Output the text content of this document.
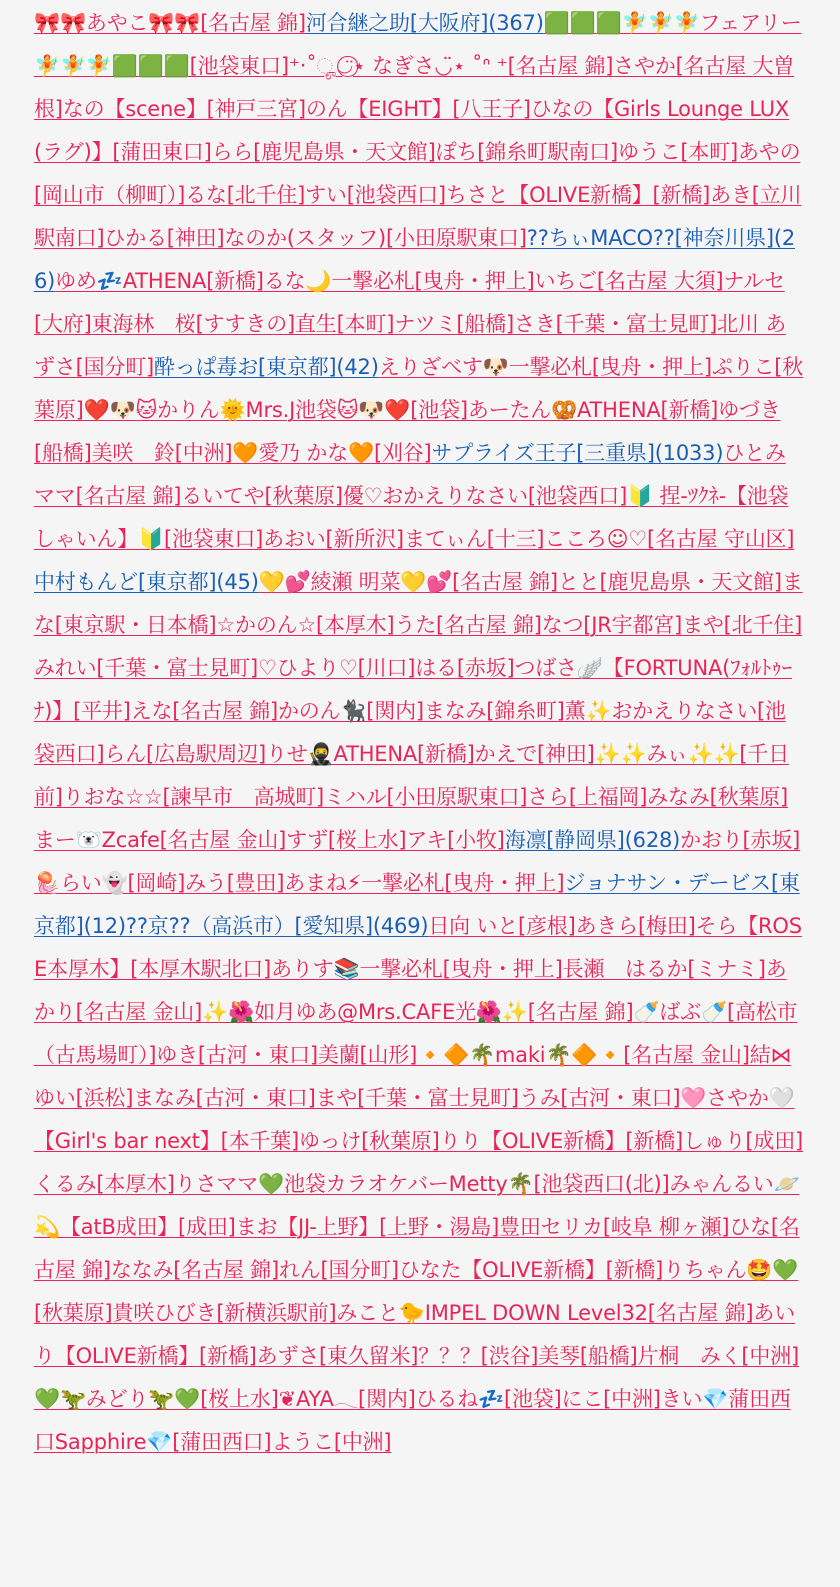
🎀🎀あやこ🎀🎀[名古屋 錦]河合継之助[大阪府](367)🟩🟩🟩🧚🧚🧚フェアリー🧚🧚🧚🟩🟩🟩[池袋東口]⁺‧˚ೄ◡̈⃝⋆ なぎさ◡̈⋆ ˚ᐢ ⁺[名古屋 錦]さやか[名古屋 大曽根]なの【scene】[神戸三宮]のん【EIGHT】[八王子]ひなの【Girls Lounge LUX(ラグ)】[蒲田東口]らら[鹿児島県・天文館]ぽち[錦糸町駅南口]ゆうこ[本町]あやの[岡山市（柳町）]るな[北千住]すい[池袋西口]ちさと【OLIVE新橋】[新橋]あき[立川駅南口]ひかる[神田]なのか(スタッフ)[小田原駅東口]??ちぃMACO??[神奈川県](26)ゆめ💤ATHENA[新橋]るな🌙一撃必札[曳舟・押上]いちご[名古屋 大須]ナルセ[大府]東海林　桜[すすきの]直生[本町]ナツミ[船橋]さき[千葉・富士見町]北川 あずさ[国分町]酔っぱ毒お[東京都](42)えりざべす🐶一撃必札[曳舟・押上]ぷりこ[秋葉原]❤️🐶🐱かりん🌞Mrs.J池袋🐱🐶❤️[池袋]あーたん🥨ATHENA[新橋]ゆづき[船橋]美咲　鈴[中洲]🧡愛乃 かな🧡[刈谷]サプライズ王子[三重県](1033)ひとみママ[名古屋 錦]るいてや[秋葉原]優♡おかえりなさい[池袋西口]🔰 捏-ﾂｸﾈ-【池袋しゃいん】🔰[池袋東口]あおい[新所沢]まてぃん[十三]こころ☺︎♡[名古屋 守山区]中村もんど[東京都](45)💛💕綾瀬 明菜💛💕[名古屋 錦]とと[鹿児島県・天文館]まな[東京駅・日本橋]☆かのん☆[本厚木]うた[名古屋 錦]なつ[JR宇都宮]まや[北千住]みれい[千葉・富士見町]♡ひより♡[川口]はる[赤坂]つばさ🪽【FORTUNA(ﾌｫﾙﾄｩｰﾅ)】[平井]えな[名古屋 錦]かのん🐈‍⬛[関内]まなみ[錦糸町]薫✨おかえりなさい[池袋西口]らん[広島駅周辺]りせ🥷ATHENA[新橋]かえで[神田]✨✨みぃ✨✨[千日前]りおな☆☆[諫早市　高城町]ミハル[小田原駅東口]さら[上福岡]みなみ[秋葉原]まー🐻‍❄️Zcafe[名古屋 金山]すず[桜上水]アキ[小牧]海凛[静岡県](628)かおり[赤坂]🪼らい👻[岡崎]みう[豊田]あまね⚡一撃必札[曳舟・押上]ジョナサン・デービス[東京都](12)??京??（高浜市）[愛知県](469)日向 いと[彦根]あきら[梅田]そら【ROSE本厚木】[本厚木駅北口]ありす📚一撃必札[曳舟・押上]長瀬　はるか[ミナミ]あかり[名古屋 金山]✨🌺如月ゆあ@Mrs.CAFE光🌺✨[名古屋 錦]🍼ばぶ🍼[高松市（古馬場町）]ゆき[古河・東口]美蘭[山形]🔸🔶🌴maki🌴🔶🔸[名古屋 金山]結⋈ゆい[浜松]まなみ[古河・東口]まや[千葉・富士見町]うみ[古河・東口]🩷さやか🤍【Girl's bar next】[本千葉]ゆっけ[秋葉原]りり【OLIVE新橋】[新橋]しゅり[成田]くるみ[本厚木]りさママ💚池袋カラオケバーMetty🌴[池袋西口(北)]みゃんるい🪐💫【atB成田】[成田]まお【JJ-上野】[上野・湯島]豊田セリカ[岐阜 柳ヶ瀬]ひな[名古屋 錦]ななみ[名古屋 錦]れん[国分町]ひなた【OLIVE新橋】[新橋]りちゃん🤩💚[秋葉原]貴咲ひびき[新横浜駅前]みこと🐤IMPEL DOWN Level32[名古屋 錦]あいり【OLIVE新橋】[新橋]あずさ[東久留米]？？？[渋谷]美琴[船橋]片桐　みく[中洲]💚🦖みどり🦖💚[桜上水]❦AYA𓂃[関内]ひるね💤[池袋]にこ[中洲]きい💎蒲田西口Sapphire💎[蒲田西口]ようこ[中洲]
